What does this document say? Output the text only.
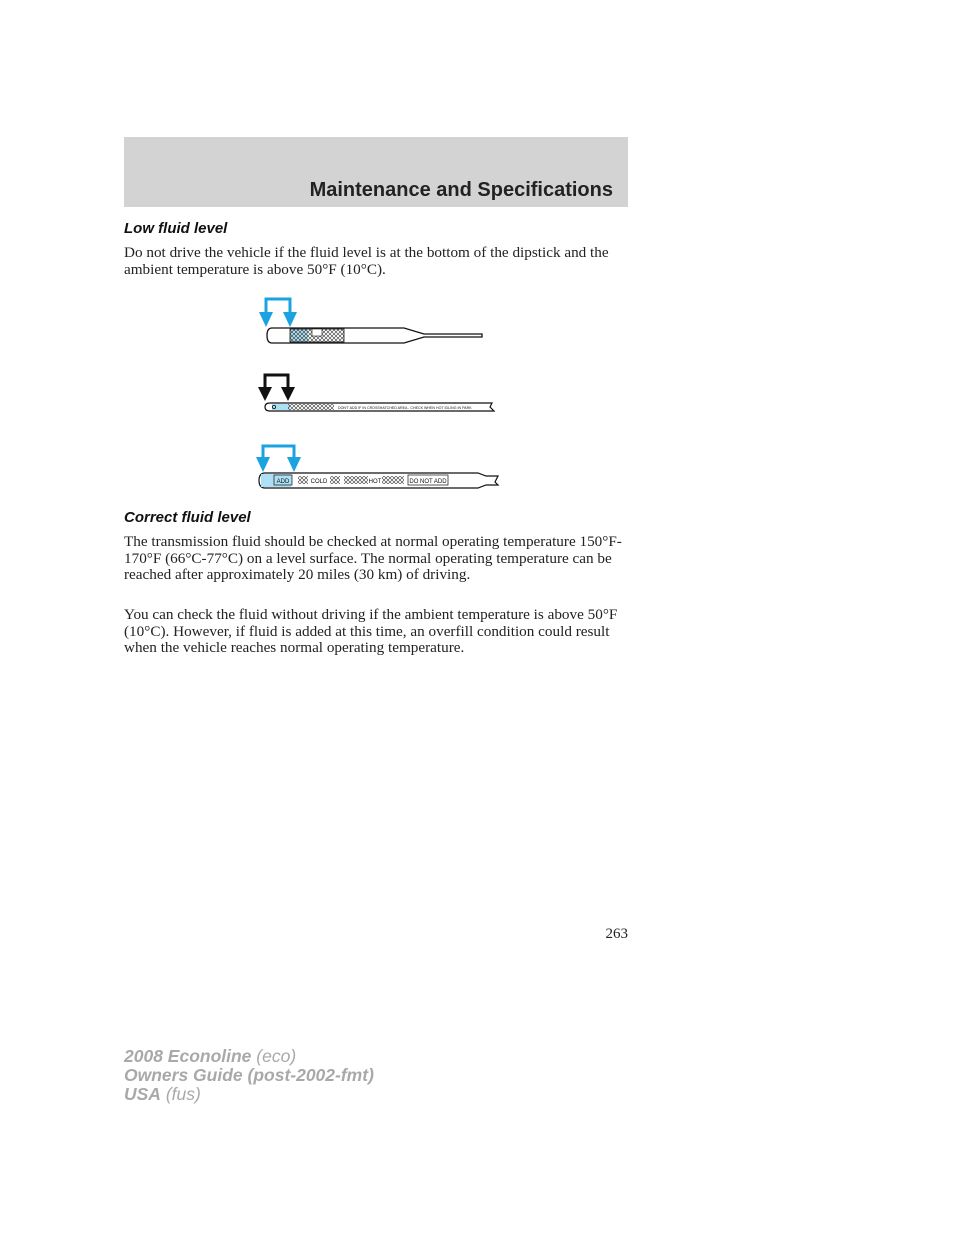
Maintenance and Specifications
Low fluid level

Do not drive the vehicle if the fluid level is at the bottom of the dipstick and the ambient temperature is above 50°F (10°C).

DON'T ADD IF IN CROSSHATCHED AREA - CHECK WHEN HOT IDLING IN PARK
ADD	COLD	HOT	DO NOT ADD
Correct fluid level

The transmission fluid should be checked at normal operating temperature 150°F-170°F (66°C-77°C) on a level surface. The normal operating temperature can be reached after approximately 20 miles (30 km) of driving.

You can check the fluid without driving if the ambient temperature is above 50°F (10°C). However, if fluid is added at this time, an overfill condition could result when the vehicle reaches normal operating temperature.

263
2008 Econoline (eco)
Owners Guide (post-2002-fmt)
USA (fus)
